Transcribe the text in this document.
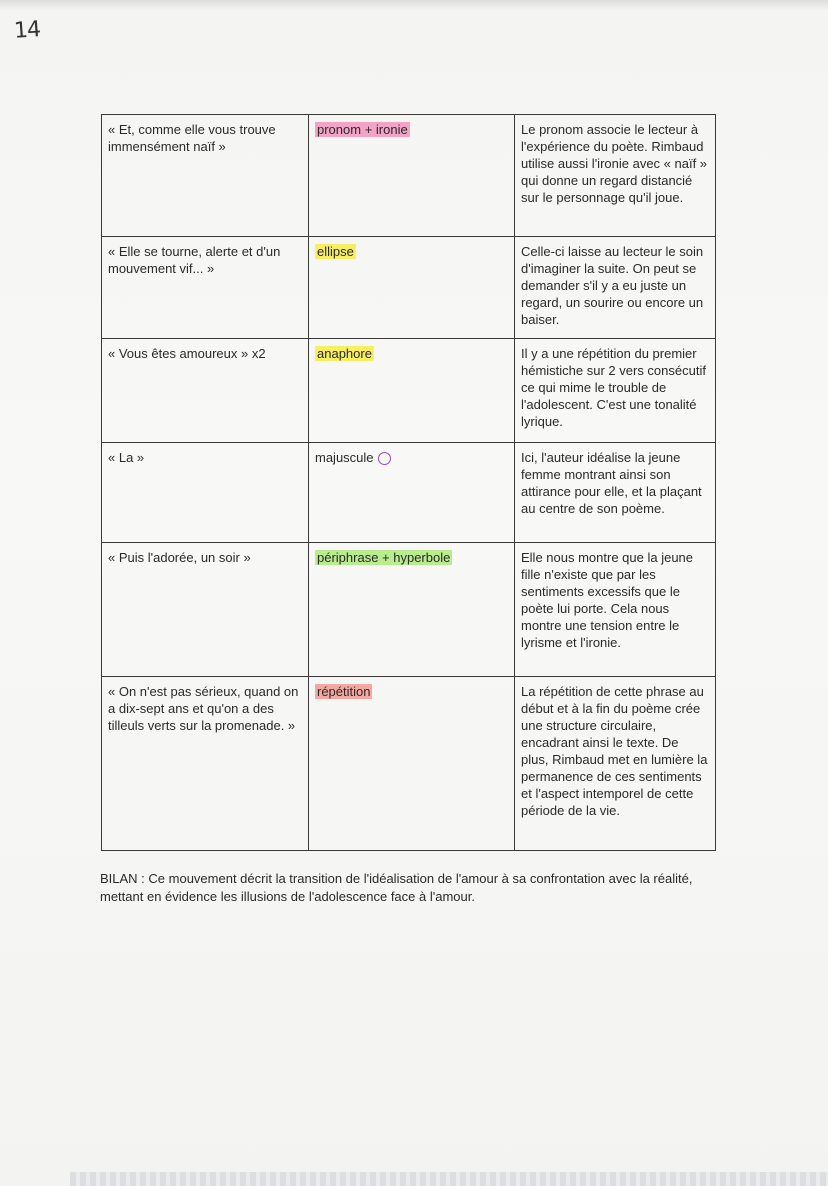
14
« Et, comme elle vous trouve immensément naïf »	pronom + ironie	Le pronom associe le lecteur à l'expérience du poète. Rimbaud utilise aussi l'ironie avec « naïf » qui donne un regard distancié sur le personnage qu'il joue.
« Elle se tourne, alerte et d'un mouvement vif... »	ellipse	Celle-ci laisse au lecteur le soin d'imaginer la suite. On peut se demander s'il y a eu juste un regard, un sourire ou encore un baiser.
« Vous êtes amoureux » x2	anaphore	Il y a une répétition du premier hémistiche sur 2 vers consécutif ce qui mime le trouble de l'adolescent. C'est une tonalité lyrique.
« La »	majuscule	Ici, l'auteur idéalise la jeune femme montrant ainsi son attirance pour elle, et la plaçant au centre de son poème.
« Puis l'adorée, un soir »	périphrase + hyperbole	Elle nous montre que la jeune fille n'existe que par les sentiments excessifs que le poète lui porte. Cela nous montre une tension entre le lyrisme et l'ironie.
« On n'est pas sérieux, quand on a dix-sept ans et qu'on a des tilleuls verts sur la promenade. »	répétition	La répétition de cette phrase au début et à la fin du poème crée une structure circulaire, encadrant ainsi le texte. De plus, Rimbaud met en lumière la permanence de ces sentiments et l'aspect intemporel de cette période de la vie.
BILAN : Ce mouvement décrit la transition de l'idéalisation de l'amour à sa confrontation avec la réalité, mettant en évidence les illusions de l'adolescence face à l'amour.
